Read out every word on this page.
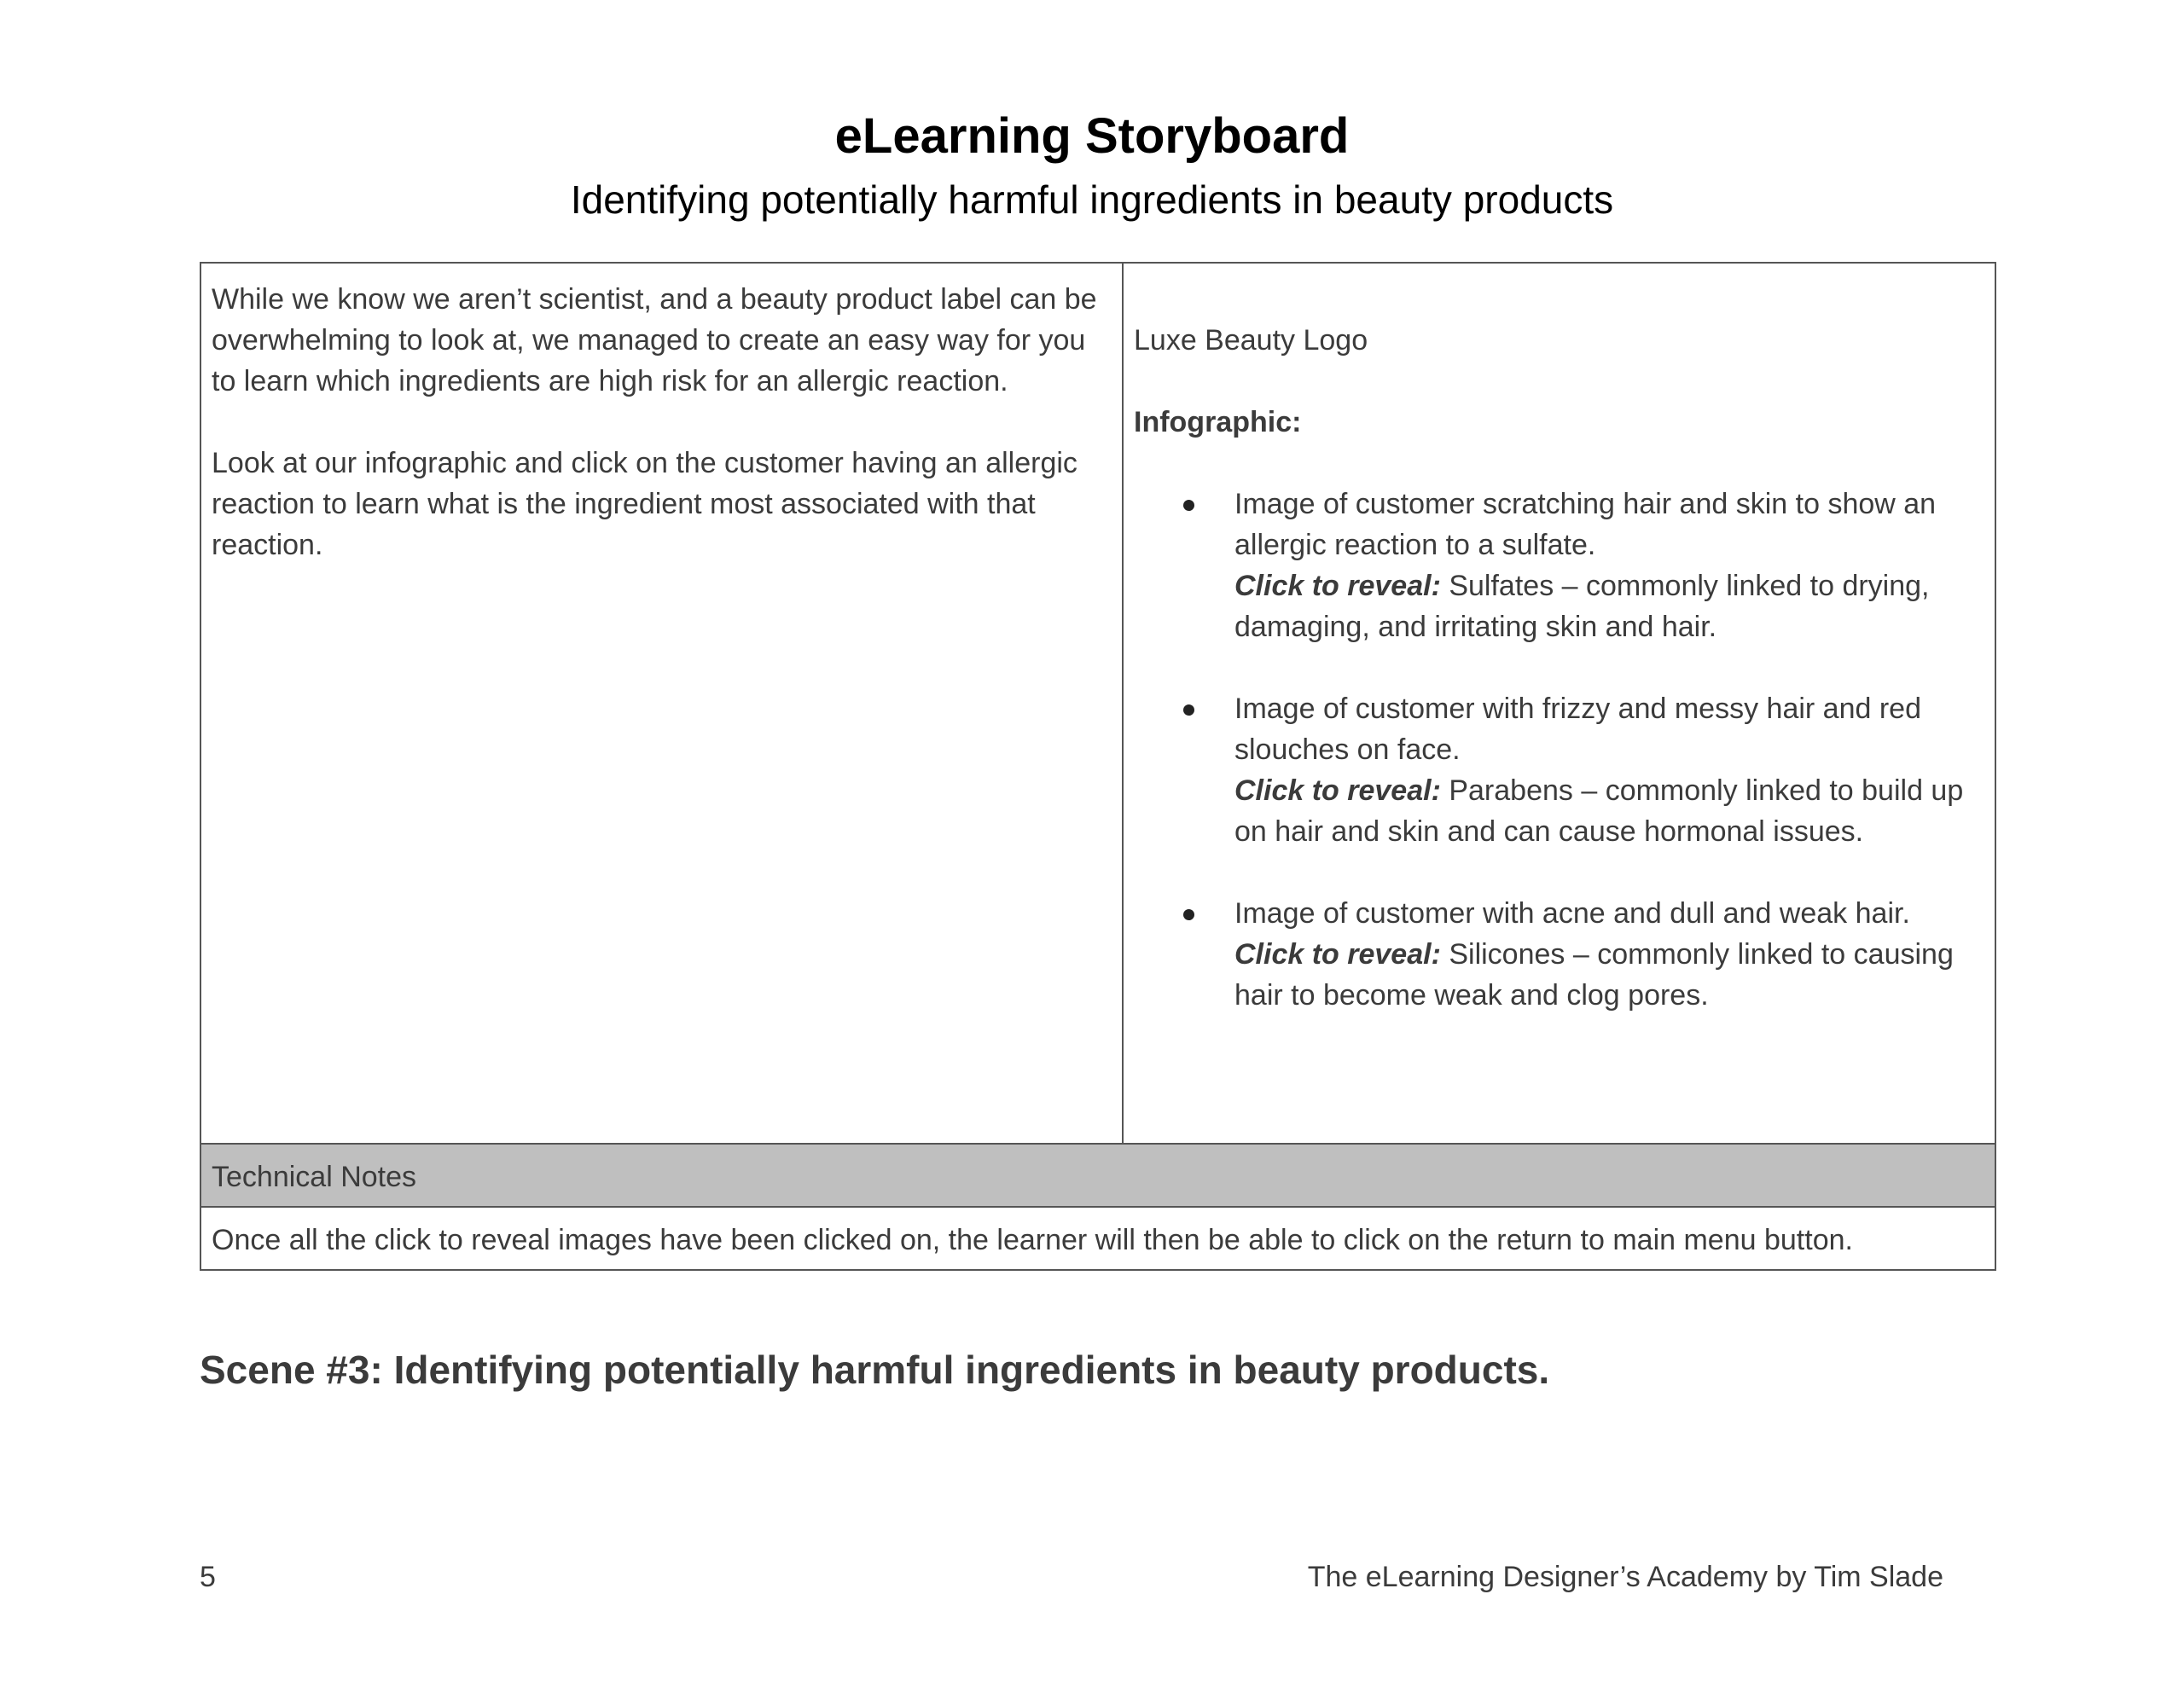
eLearning Storyboard

Identifying potentially harmful ingredients in beauty products

While we know we aren’t scientist, and a beauty product label can be overwhelming to look at, we managed to create an easy way for you to learn which ingredients are high risk for an allergic reaction.

Look at our infographic and click on the customer having an allergic reaction to learn what is the ingredient most associated with that reaction.

Luxe Beauty Logo
Infographic:
Image of customer scratching hair and skin to show an allergic reaction to a sulfate.
Click to reveal: Sulfates – commonly linked to drying, damaging, and irritating skin and hair.
Image of customer with frizzy and messy hair and red slouches on face.
Click to reveal: Parabens – commonly linked to build up on hair and skin and can cause hormonal issues.
Image of customer with acne and dull and weak hair.
Click to reveal: Silicones – commonly linked to causing hair to become weak and clog pores.

Technical Notes
Once all the click to reveal images have been clicked on, the learner will then be able to click on the return to main menu button.
Scene #3: Identifying potentially harmful ingredients in beauty products.
5	The eLearning Designer’s Academy by Tim Slade
